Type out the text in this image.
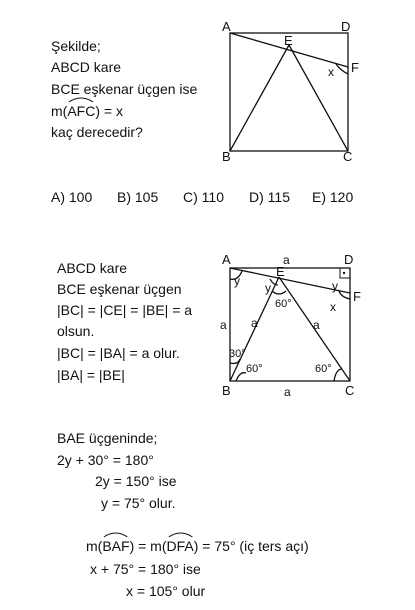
Şekilde;
ABCD kare
BCE eşkenar üçgen ise
m(
AFC) = x
kaç derecedir?
A) 100 B) 105 C) 110 D) 115 E) 120
A	D
B	C
E
F
x
ABCD kare
BCE eşkenar üçgen
|BC| = |CE| = |BE| = a
olsun.
|BC| = |BA| = a olur.
|BA| = |BE|
A	D
B	C
E
F
a
a
a a	a
y y	y
x
60°
30°
60°	60°
BAE üçgeninde;
2y + 30° = 180°
2y = 150° ise
y = 75° olur.
m(
BAF) = m(
DFA) = 75° (iç ters açı)
x + 75° = 180° ise
x = 105° olur
